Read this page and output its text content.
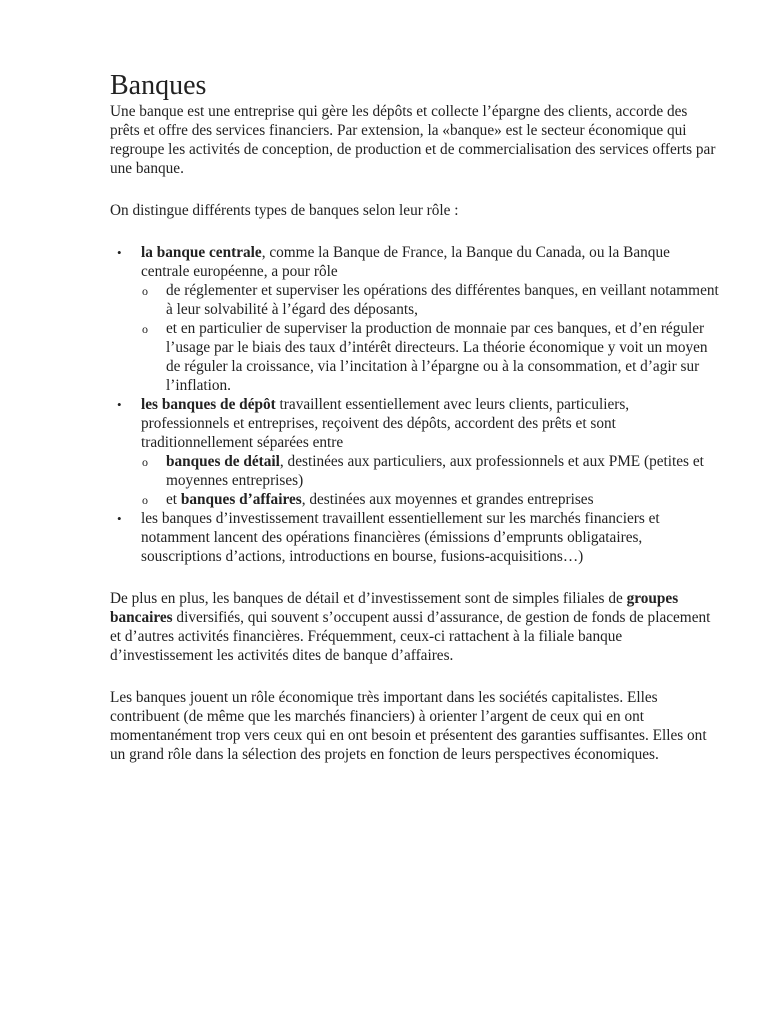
Banques

Une banque est une entreprise qui gère les dépôts et collecte l’épargne des clients, accorde des prêts et offre des services financiers. Par extension, la «banque» est le secteur économique qui regroupe les activités de conception, de production et de commercialisation des services offerts par une banque.

On distingue différents types de banques selon leur rôle :

• la banque centrale, comme la Banque de France, la Banque du Canada, ou la Banque centrale européenne, a pour rôle
o de réglementer et superviser les opérations des différentes banques, en veillant notamment à leur solvabilité à l’égard des déposants,
o et en particulier de superviser la production de monnaie par ces banques, et d’en réguler l’usage par le biais des taux d’intérêt directeurs. La théorie économique y voit un moyen de réguler la croissance, via l’incitation à l’épargne ou à la consommation, et d’agir sur l’inflation.
• les banques de dépôt travaillent essentiellement avec leurs clients, particuliers, professionnels et entreprises, reçoivent des dépôts, accordent des prêts et sont traditionnellement séparées entre
o banques de détail, destinées aux particuliers, aux professionnels et aux PME (petites et moyennes entreprises)
o et banques d’affaires, destinées aux moyennes et grandes entreprises
• les banques d’investissement travaillent essentiellement sur les marchés financiers et notamment lancent des opérations financières (émissions d’emprunts obligataires, souscriptions d’actions, introductions en bourse, fusions-acquisitions…)

De plus en plus, les banques de détail et d’investissement sont de simples filiales de groupes bancaires diversifiés, qui souvent s’occupent aussi d’assurance, de gestion de fonds de placement et d’autres activités financières. Fréquemment, ceux-ci rattachent à la filiale banque d’investissement les activités dites de banque d’affaires.

Les banques jouent un rôle économique très important dans les sociétés capitalistes. Elles contribuent (de même que les marchés financiers) à orienter l’argent de ceux qui en ont momentanément trop vers ceux qui en ont besoin et présentent des garanties suffisantes. Elles ont un grand rôle dans la sélection des projets en fonction de leurs perspectives économiques.
